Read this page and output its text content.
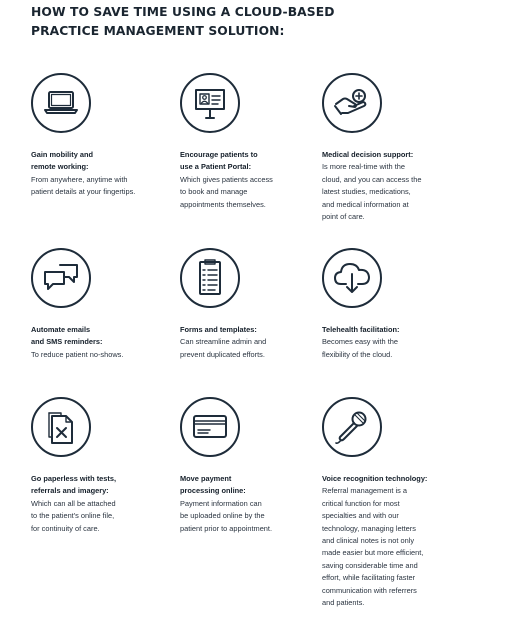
HOW TO SAVE TIME USING A CLOUD-BASED
PRACTICE MANAGEMENT SOLUTION:
Gain mobility and
remote working:
From anywhere, anytime with
patient details at your fingertips.
Encourage patients to
use a Patient Portal:
Which gives patients access
to book and manage
appointments themselves.
Medical decision support:
Is more real-time with the
cloud, and you can access the
latest studies, medications,
and medical information at
point of care.
Automate emails
and SMS reminders:
To reduce patient no-shows.
Forms and templates:
Can streamline admin and
prevent duplicated efforts.
Telehealth facilitation:
Becomes easy with the
flexibility of the cloud.
Go paperless with tests,
referrals and imagery:
Which can all be attached
to the patient's online file,
for continuity of care.
Move payment
processing online:
Payment information can
be uploaded online by the
patient prior to appointment.
Voice recognition technology:
Referral management is a
critical function for most
specialties and with our
technology, managing letters
and clinical notes is not only
made easier but more efficient,
saving considerable time and
effort, while facilitating faster
communication with referrers
and patients.
